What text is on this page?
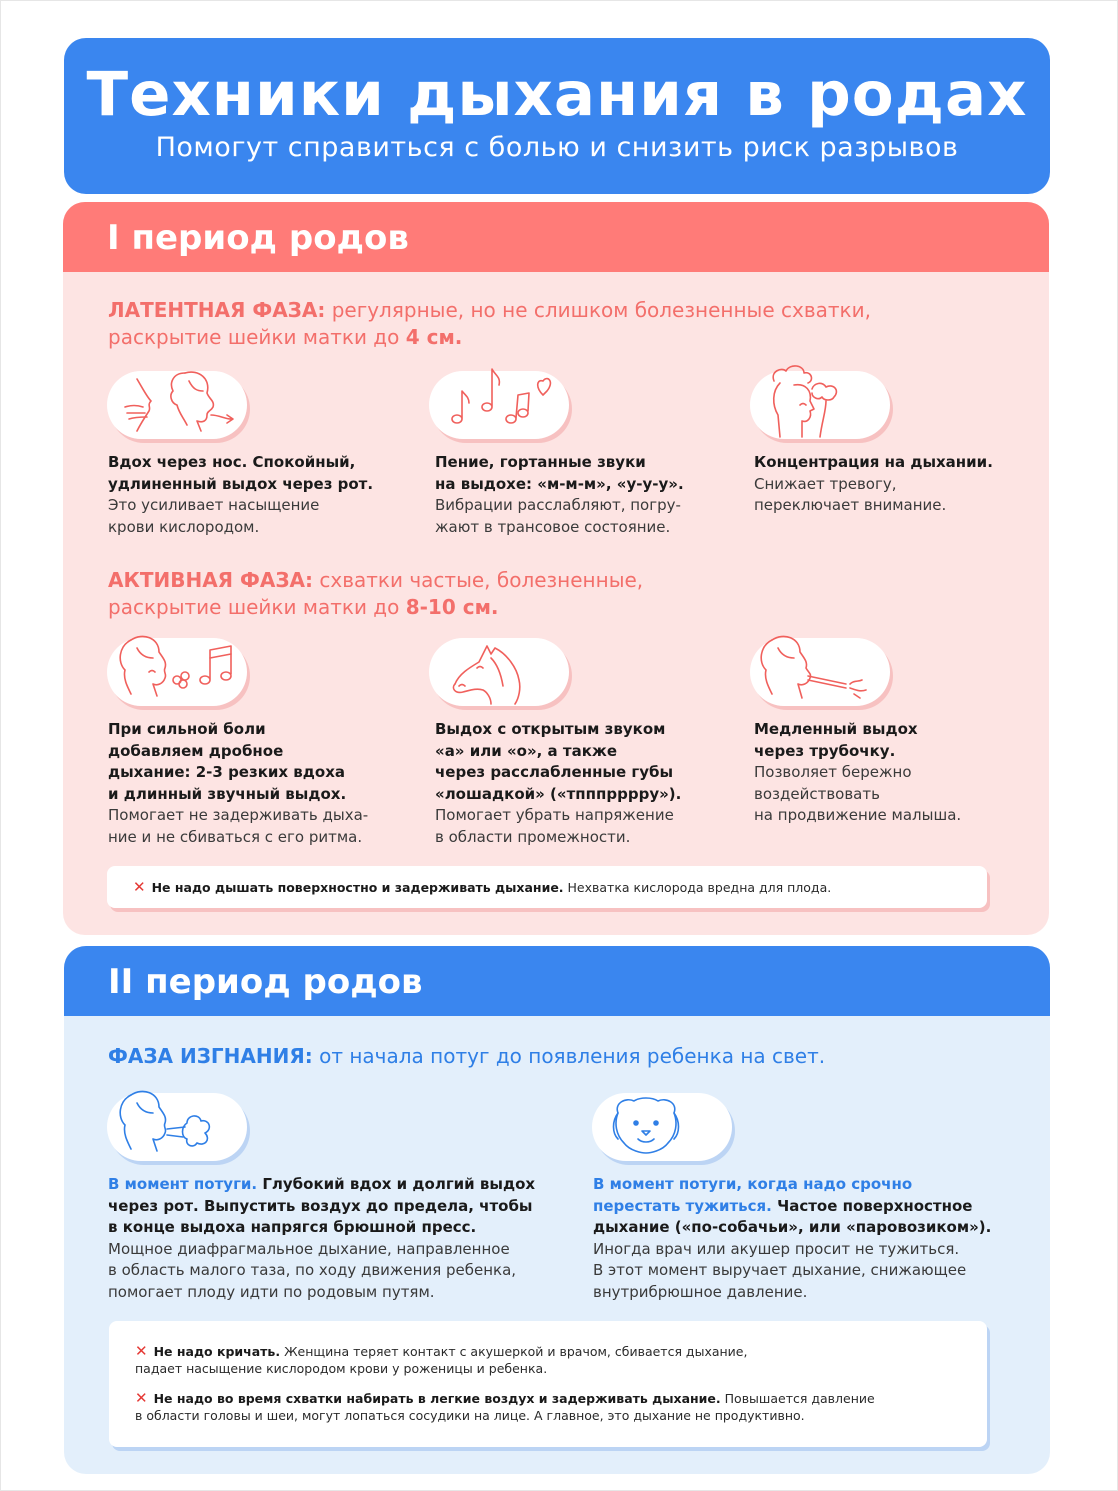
Техники дыхания в родах
Помогут справиться с болью и снизить риск разрывов
I период родов
ЛАТЕНТНАЯ ФАЗА: регулярные, но не слишком болезненные схватки,
раскрытие шейки матки до 4 см.
Вдох через нос. Спокойный,
удлиненный выдох через рот.
Это усиливает насыщение
крови кислородом.
Пение, гортанные звуки
на выдохе: «м-м-м», «у-у-у».
Вибрации расслабляют, погру-
жают в трансовое состояние.
Концентрация на дыхании.
Снижает тревогу,
переключает внимание.
АКТИВНАЯ ФАЗА: схватки частые, болезненные,
раскрытие шейки матки до 8-10 см.
При сильной боли
добавляем дробное
дыхание: 2-3 резких вдоха
и длинный звучный выдох.
Помогает не задерживать дыха-
ние и не сбиваться с его ритма.
Выдох с открытым звуком
«а» или «о», а также
через расслабленные губы
«лошадкой» («тпппpppру»).
Помогает убрать напряжение
в области промежности.
Медленный выдох
через трубочку.
Позволяет бережно
воздействовать
на продвижение малыша.
✕ Не надо дышать поверхностно и задерживать дыхание. Нехватка кислорода вредна для плода.
II период родов
ФАЗА ИЗГНАНИЯ: от начала потуг до появления ребенка на свет.
В момент потуги. Глубокий вдох и долгий выдох
через рот. Выпустить воздух до предела, чтобы
в конце выдоха напрягся брюшной пресс.
Мощное диафрагмальное дыхание, направленное
в область малого таза, по ходу движения ребенка,
помогает плоду идти по родовым путям.
В момент потуги, когда надо срочно
перестать тужиться. Частое поверхностное
дыхание («по-собачьи», или «паровозиком»).
Иногда врач или акушер просит не тужиться.
В этот момент выручает дыхание, снижающее
внутрибрюшное давление.
✕ Не надо кричать. Женщина теряет контакт с акушеркой и врачом, сбивается дыхание,
падает насыщение кислородом крови у роженицы и ребенка.
✕ Не надо во время схватки набирать в легкие воздух и задерживать дыхание. Повышается давление
в области головы и шеи, могут лопаться сосудики на лице. А главное, это дыхание не продуктивно.
